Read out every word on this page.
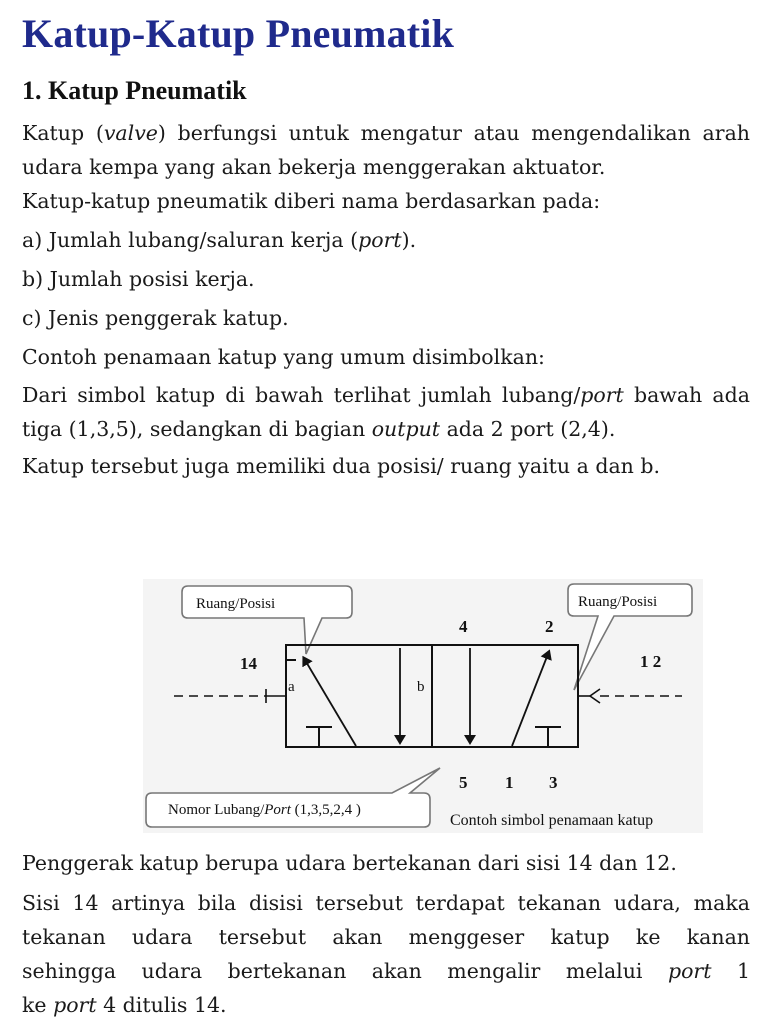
Katup-Katup Pneumatik
1. Katup Pneumatik

Katup (valve) berfungsi untuk mengatur atau mengendalikan arah udara kempa yang akan bekerja menggerakan aktuator.

Katup-katup pneumatik diberi nama berdasarkan pada:

a) Jumlah lubang/saluran kerja (port).

b) Jumlah posisi kerja.

c) Jenis penggerak katup.

Contoh penamaan katup yang umum disimbolkan:

Dari simbol katup di bawah terlihat jumlah lubang/port bawah ada tiga (1,3,5), sedangkan di bagian output ada 2 port (2,4).

Katup tersebut juga memiliki dua posisi/ ruang yaitu a dan b.

Ruang/Posisi	Ruang/Posisi
Nomor Lubang/Port (1,3,5,2,4 )
14	1 2
a	b
4	2
5 1 3
Contoh simbol penamaan katup

Penggerak katup berupa udara bertekanan dari sisi 14 dan 12.

Sisi 14 artinya bila disisi tersebut terdapat tekanan udara, maka
tekanan udara tersebut akan menggeser katup ke kanan
sehingga udara bertekanan akan mengalir melalui port 1
ke port 4 ditulis 14.
